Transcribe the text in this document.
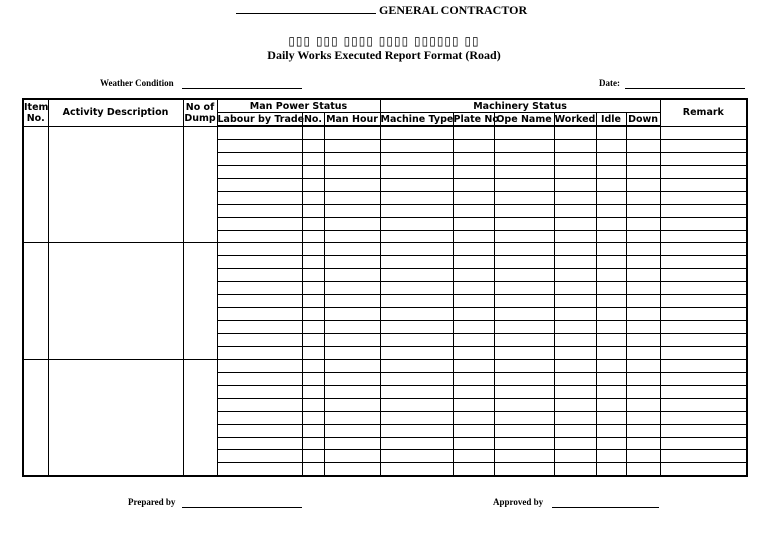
GENERAL CONTRACTOR
▯▯▯ ▯▯▯ ▯▯▯▯ ▯▯▯▯ ▯▯▯▯▯▯ ▯▯
Daily Works Executed Report Format (Road)
Weather Condition	Date:
Item No.	Activity Description	No of Dump	Man Power Status			Machinery Status						Remark
			Labour by Trade	No.	Man Hour	Machine Type	Plate No	Ope Name	Worked	Idle	Down	

Prepared by	Approved by
